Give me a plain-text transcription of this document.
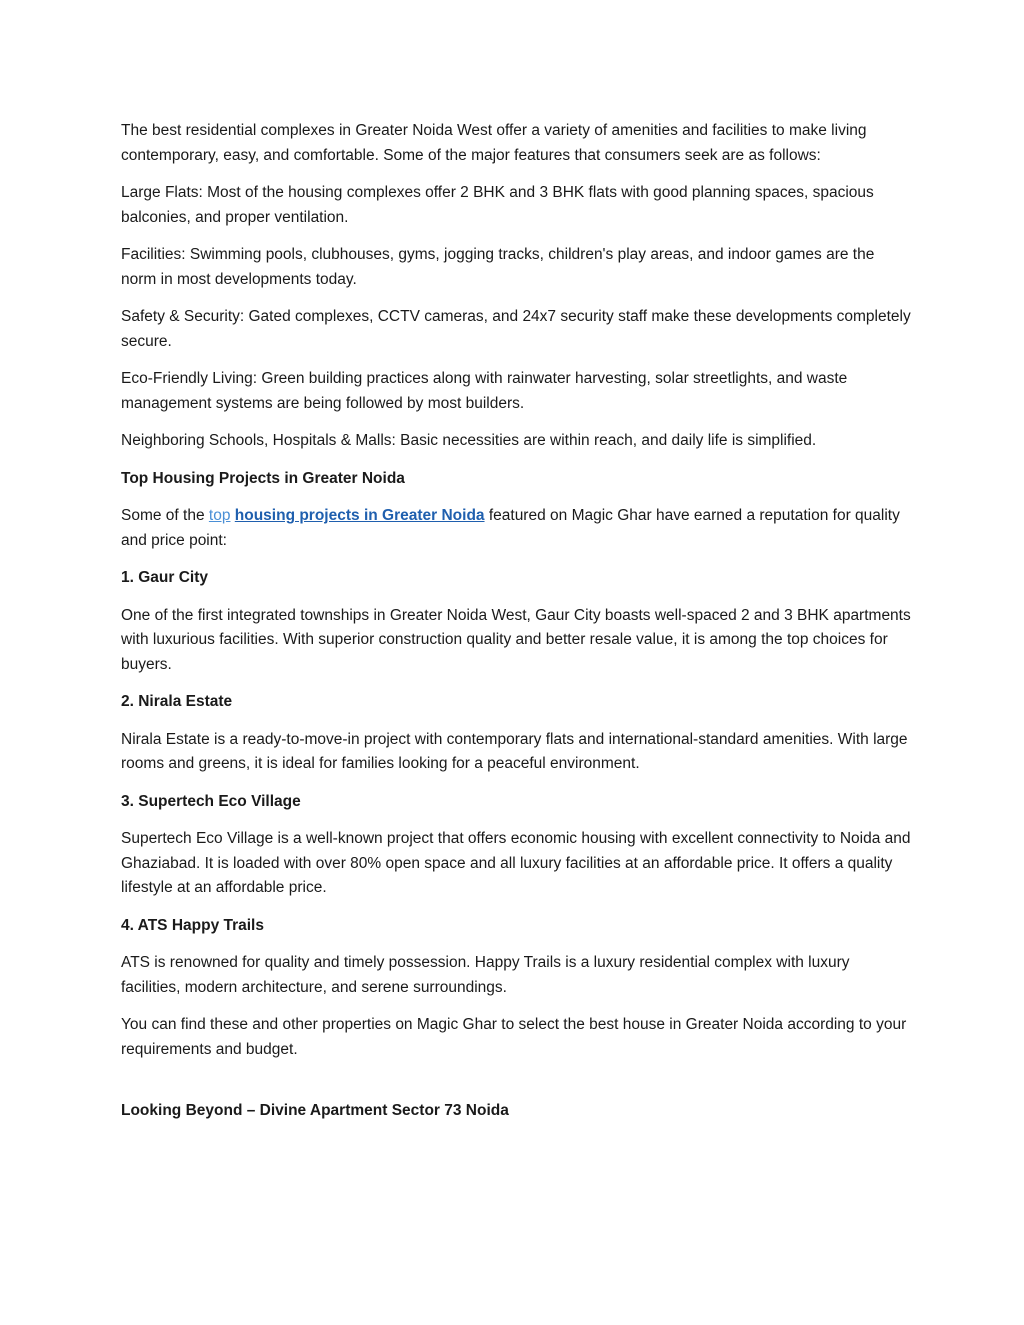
The best residential complexes in Greater Noida West offer a variety of amenities and facilities to make living contemporary, easy, and comfortable. Some of the major features that consumers seek are as follows:

Large Flats: Most of the housing complexes offer 2 BHK and 3 BHK flats with good planning spaces, spacious balconies, and proper ventilation.

Facilities: Swimming pools, clubhouses, gyms, jogging tracks, children's play areas, and indoor games are the norm in most developments today.

Safety & Security: Gated complexes, CCTV cameras, and 24x7 security staff make these developments completely secure.

Eco-Friendly Living: Green building practices along with rainwater harvesting, solar streetlights, and waste management systems are being followed by most builders.

Neighboring Schools, Hospitals & Malls: Basic necessities are within reach, and daily life is simplified.

Top Housing Projects in Greater Noida

Some of the top housing projects in Greater Noida featured on Magic Ghar have earned a reputation for quality and price point:

1. Gaur City

One of the first integrated townships in Greater Noida West, Gaur City boasts well-spaced 2 and 3 BHK apartments with luxurious facilities. With superior construction quality and better resale value, it is among the top choices for buyers.

2. Nirala Estate

Nirala Estate is a ready-to-move-in project with contemporary flats and international-standard amenities. With large rooms and greens, it is ideal for families looking for a peaceful environment.

3. Supertech Eco Village

Supertech Eco Village is a well-known project that offers economic housing with excellent connectivity to Noida and Ghaziabad. It is loaded with over 80% open space and all luxury facilities at an affordable price. It offers a quality lifestyle at an affordable price.

4. ATS Happy Trails

ATS is renowned for quality and timely possession. Happy Trails is a luxury residential complex with luxury facilities, modern architecture, and serene surroundings.

You can find these and other properties on Magic Ghar to select the best house in Greater Noida according to your requirements and budget.

Looking Beyond – Divine Apartment Sector 73 Noida
